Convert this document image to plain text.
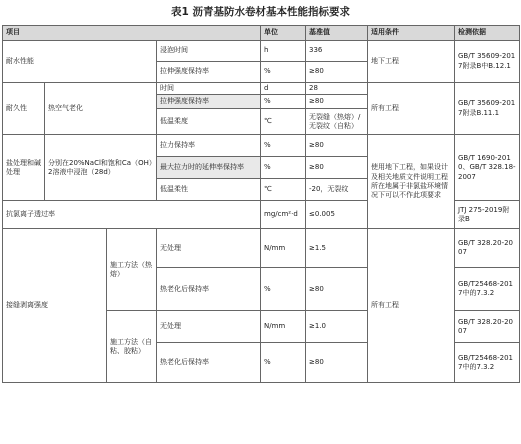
表1 沥青基防水卷材基本性能指标要求
项目				单位	基准值	适用条件	检测依据
耐水性能			浸泡时间	h	336	地下工程	GB/T 35609-2017附录B中B.12.1
			拉伸强度保持率	%	≥80		
耐久性	热空气老化		时间	d	28	所有工程	GB/T 35609-2017附录B.11.1
			拉伸强度保持率	%	≥80		
			低温柔度	℃	无裂缝（热熔）/无裂纹（自粘）		
盐处理和碱处理	分别在20%NaCl和饱和Ca（OH）2溶液中浸泡（28d）		拉力保持率	%	≥80	使用地下工程，如果设计及相关地质文件说明工程所在地属于非氯盐环境情况下可以不作此项要求	GB/T 1690-2010、GB/T 328.18-2007
			最大拉力时的延伸率保持率	%	≥80		
			低温柔性	℃	-20，无裂纹		
抗氯离子透过率				mg/cm²·d	≤0.005		JTJ 275-2019附录B
接缝剥离强度		施工方法（热熔）	无处理	N/mm	≥1.5	所有工程	GB/T 328.20-2007
			热老化后保持率	%	≥80		GB/T25468-2017中的7.3.2
		施工方法（自粘、胶粘）	无处理	N/mm	≥1.0		GB/T 328.20-2007
			热老化后保持率	%	≥80		GB/T25468-2017中的7.3.2
